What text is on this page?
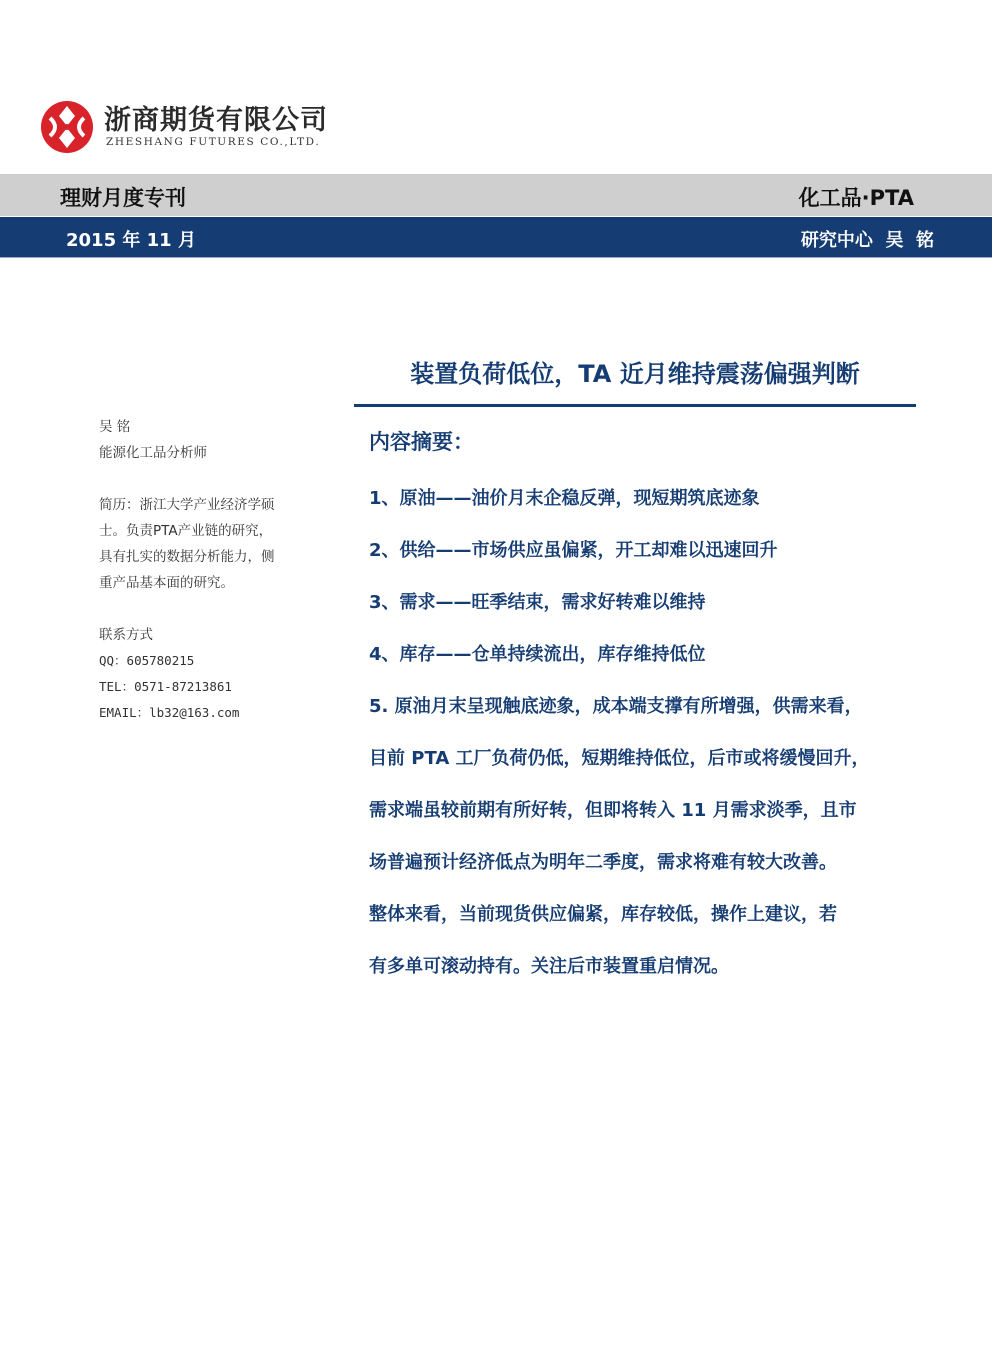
浙商期货有限公司
ZHESHANG FUTURES CO.,LTD.
理财月度专刊	化工品·PTA
2015 年 11 月	研究中心  吴  铭
装置负荷低位，TA 近月维持震荡偏强判断
吴 铭
能源化工品分析师
简历：浙江大学产业经济学硕
士。负责PTA产业链的研究，
具有扎实的数据分析能力，侧
重产品基本面的研究。
联系方式
QQ：605780215
TEL：0571-87213861
EMAIL：lb32@163.com
内容摘要：
1、原油——油价月末企稳反弹，现短期筑底迹象
2、供给——市场供应虽偏紧，开工却难以迅速回升
3、需求——旺季结束，需求好转难以维持
4、库存——仓单持续流出，库存维持低位
5. 原油月末呈现触底迹象，成本端支撑有所增强，供需来看，
目前 PTA 工厂负荷仍低，短期维持低位，后市或将缓慢回升，
需求端虽较前期有所好转，但即将转入 11 月需求淡季，且市
场普遍预计经济低点为明年二季度，需求将难有较大改善。
整体来看，当前现货供应偏紧，库存较低，操作上建议，若
有多单可滚动持有。关注后市装置重启情况。
